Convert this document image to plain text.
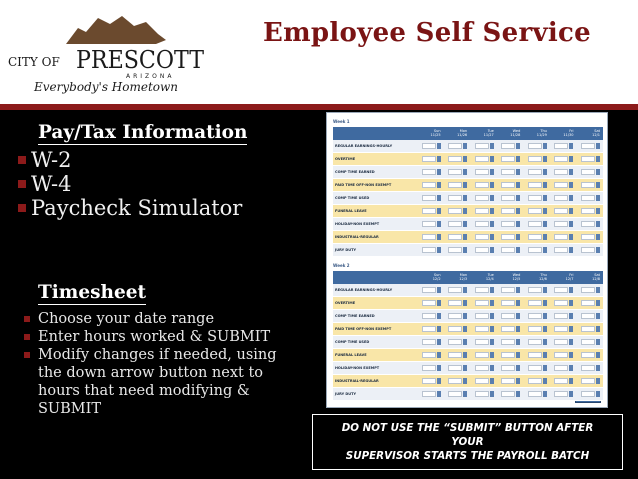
CITY OF PRESCOTT
ARIZONA
Everybody's Hometown
Employee Self Service
Pay/Tax Information
W-2
W-4
Paycheck Simulator
Timesheet
Choose your date range
Enter hours worked & SUBMIT
Modify changes if needed, using the down arrow button next to hours that need modifying & SUBMIT
Week 1
Sun
11/25
Mon
11/26
Tue
11/27
Wed
11/28
Thu
11/29
Fri
11/30
Sat
12/1
REGULAR EARNINGS-HOURLY
OVERTIME
COMP TIME EARNED
PAID TIME OFF-NON EXEMPT
COMP TIME USED
FUNERAL LEAVE
HOLIDAY-NON EXEMPT
INDUSTRIAL-REGULAR
JURY DUTY
Week 2
Sun
12/2
Mon
12/3
Tue
12/4
Wed
12/5
Thu
12/6
Fri
12/7
Sat
12/8
REGULAR EARNINGS-HOURLY
OVERTIME
COMP TIME EARNED
PAID TIME OFF-NON EXEMPT
COMP TIME USED
FUNERAL LEAVE
HOLIDAY-NON EXEMPT
INDUSTRIAL-REGULAR
JURY DUTY
DO NOT USE THE “SUBMIT” BUTTON AFTER
YOUR
SUPERVISOR STARTS THE PAYROLL BATCH
